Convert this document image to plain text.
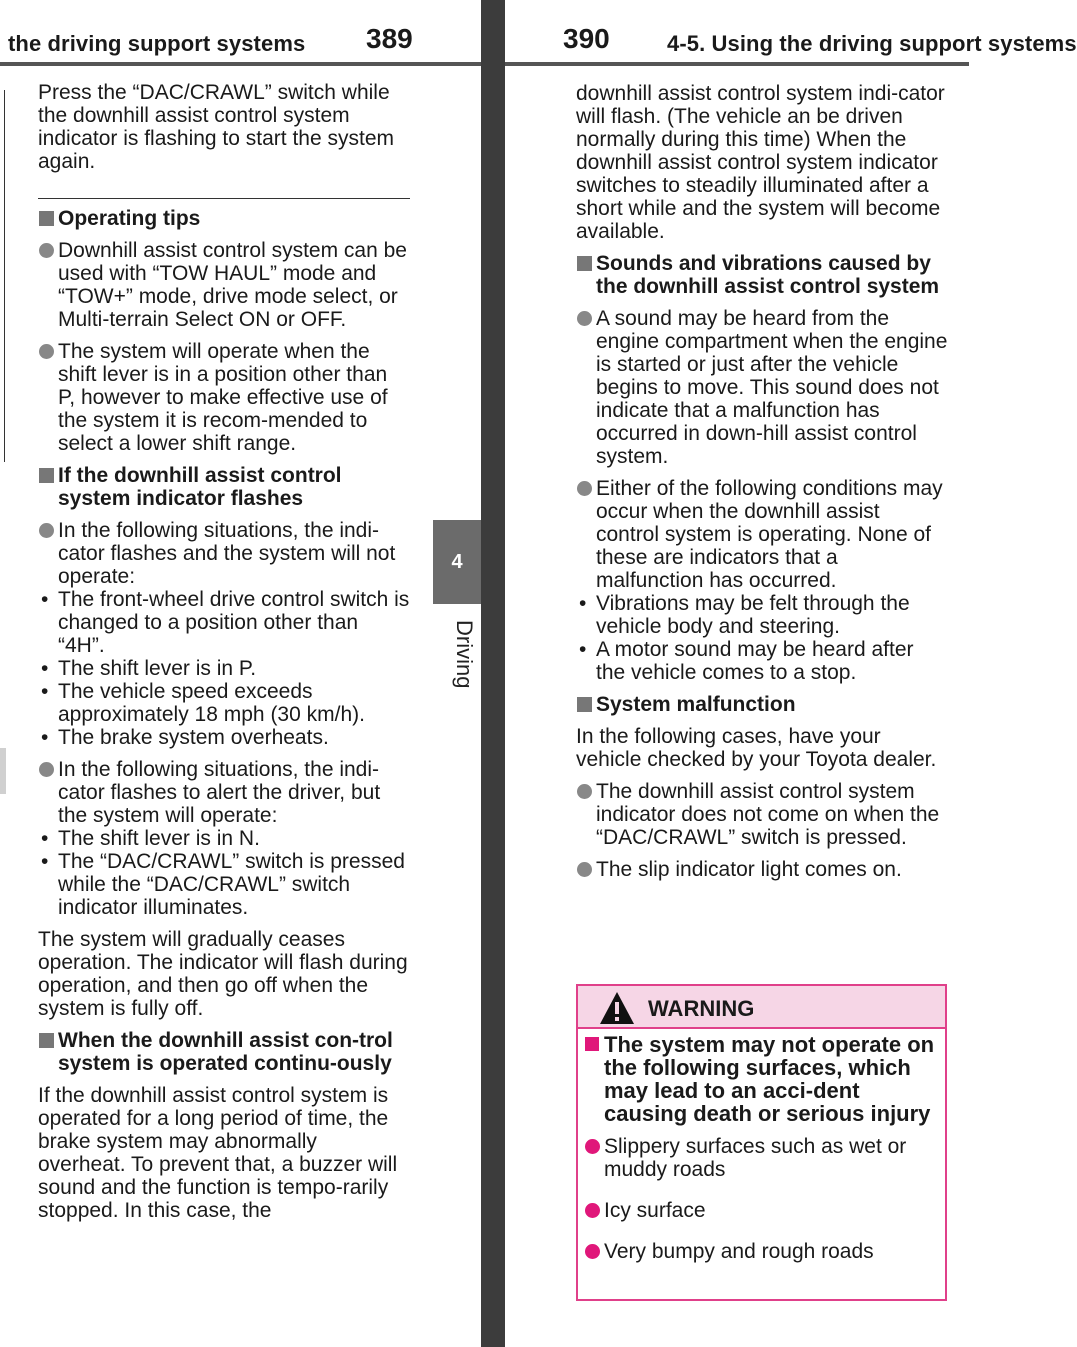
the driving support systems 389
Press the “DAC/CRAWL” switch while the downhill assist control system indicator is flashing to start the system again.
Operating tips
Downhill assist control system can be used with “TOW HAUL” mode and “TOW+” mode, drive mode select, or Multi-terrain Select ON or OFF.
The system will operate when the shift lever is in a position other than P, however to make effective use of the system it is recom-mended to select a lower shift range.
If the downhill assist control system indicator flashes
In the following situations, the indi-cator flashes and the system will not operate:
• The front-wheel drive control switch is changed to a position other than “4H”.
• The shift lever is in P.
• The vehicle speed exceeds approximately 18 mph (30 km/h).
• The brake system overheats.
In the following situations, the indi-cator flashes to alert the driver, but the system will operate:
• The shift lever is in N.
• The “DAC/CRAWL” switch is pressed while the “DAC/CRAWL” switch indicator illuminates.
The system will gradually ceases operation. The indicator will flash during operation, and then go off when the system is fully off.
When the downhill assist con-trol system is operated continu-ously
If the downhill assist control system is operated for a long period of time, the brake system may abnormally overheat. To prevent that, a buzzer will sound and the function is tempo-rarily stopped. In this case, the
4
Driving
390	4-5. Using the driving support systems
downhill assist control system indi-cator will flash. (The vehicle an be driven normally during this time) When the downhill assist control system indicator switches to steadily illuminated after a short while and the system will become available.
Sounds and vibrations caused by the downhill assist control system
A sound may be heard from the engine compartment when the engine is started or just after the vehicle begins to move. This sound does not indicate that a malfunction has occurred in down-hill assist control system.
Either of the following conditions may occur when the downhill assist control system is operating. None of these are indicators that a malfunction has occurred.
• Vibrations may be felt through the vehicle body and steering.
• A motor sound may be heard after the vehicle comes to a stop.
System malfunction
In the following cases, have your vehicle checked by your Toyota dealer.
The downhill assist control system indicator does not come on when the “DAC/CRAWL” switch is pressed.
The slip indicator light comes on.
WARNING
The system may not operate on the following surfaces, which may lead to an acci-dent causing death or serious injury
Slippery surfaces such as wet or muddy roads
Icy surface
Very bumpy and rough roads
